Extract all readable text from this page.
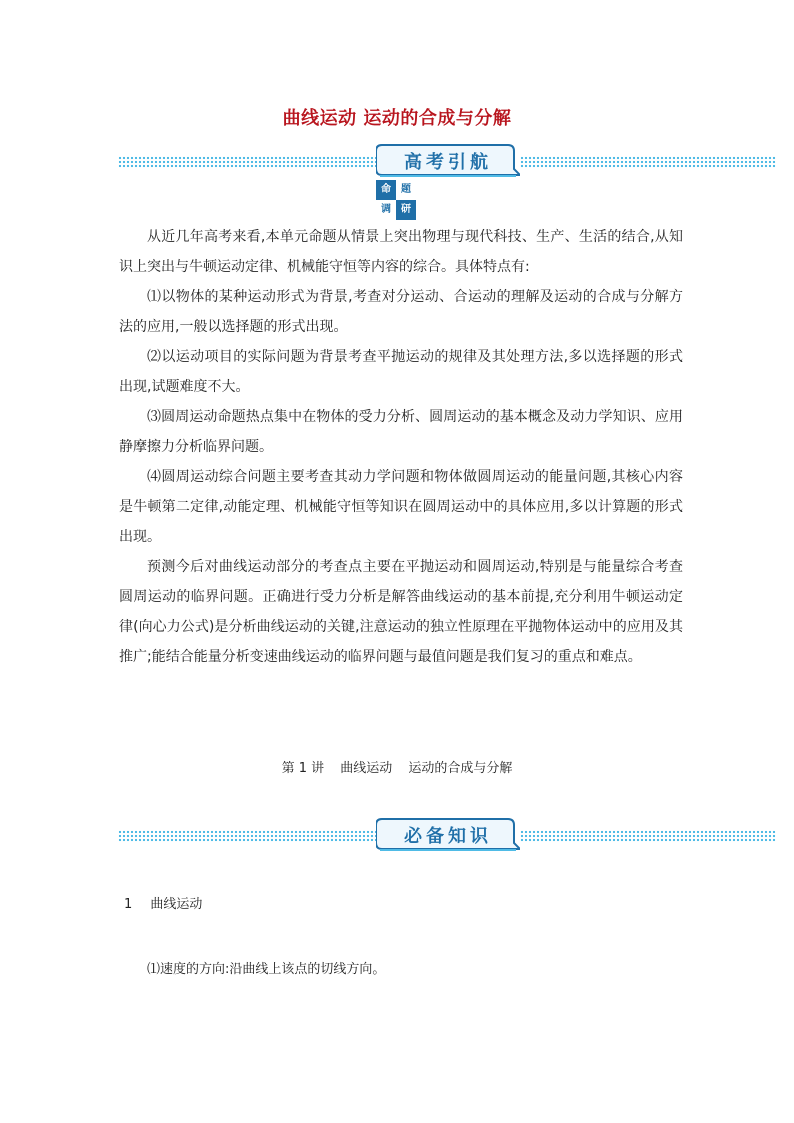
曲线运动 运动的合成与分解
高考引航
命	题
调	研

从近几年高考来看,本单元命题从情景上突出物理与现代科技、生产、生活的结合,从知识上突出与牛顿运动定律、机械能守恒等内容的综合。具体特点有:

⑴以物体的某种运动形式为背景,考查对分运动、合运动的理解及运动的合成与分解方法的应用,一般以选择题的形式出现。

⑵以运动项目的实际问题为背景考查平抛运动的规律及其处理方法,多以选择题的形式出现,试题难度不大。

⑶圆周运动命题热点集中在物体的受力分析、圆周运动的基本概念及动力学知识、应用静摩擦力分析临界问题。

⑷圆周运动综合问题主要考查其动力学问题和物体做圆周运动的能量问题,其核心内容是牛顿第二定律,动能定理、机械能守恒等知识在圆周运动中的具体应用,多以计算题的形式出现。

预测今后对曲线运动部分的考查点主要在平抛运动和圆周运动,特别是与能量综合考查圆周运动的临界问题。正确进行受力分析是解答曲线运动的基本前提,充分利用牛顿运动定律(向心力公式)是分析曲线运动的关键,注意运动的独立性原理在平抛物体运动中的应用及其推广;能结合能量分析变速曲线运动的临界问题与最值问题是我们复习的重点和难点。

第 1 讲 曲线运动 运动的合成与分解
必备知识
1 曲线运动
⑴速度的方向:沿曲线上该点的切线方向。
